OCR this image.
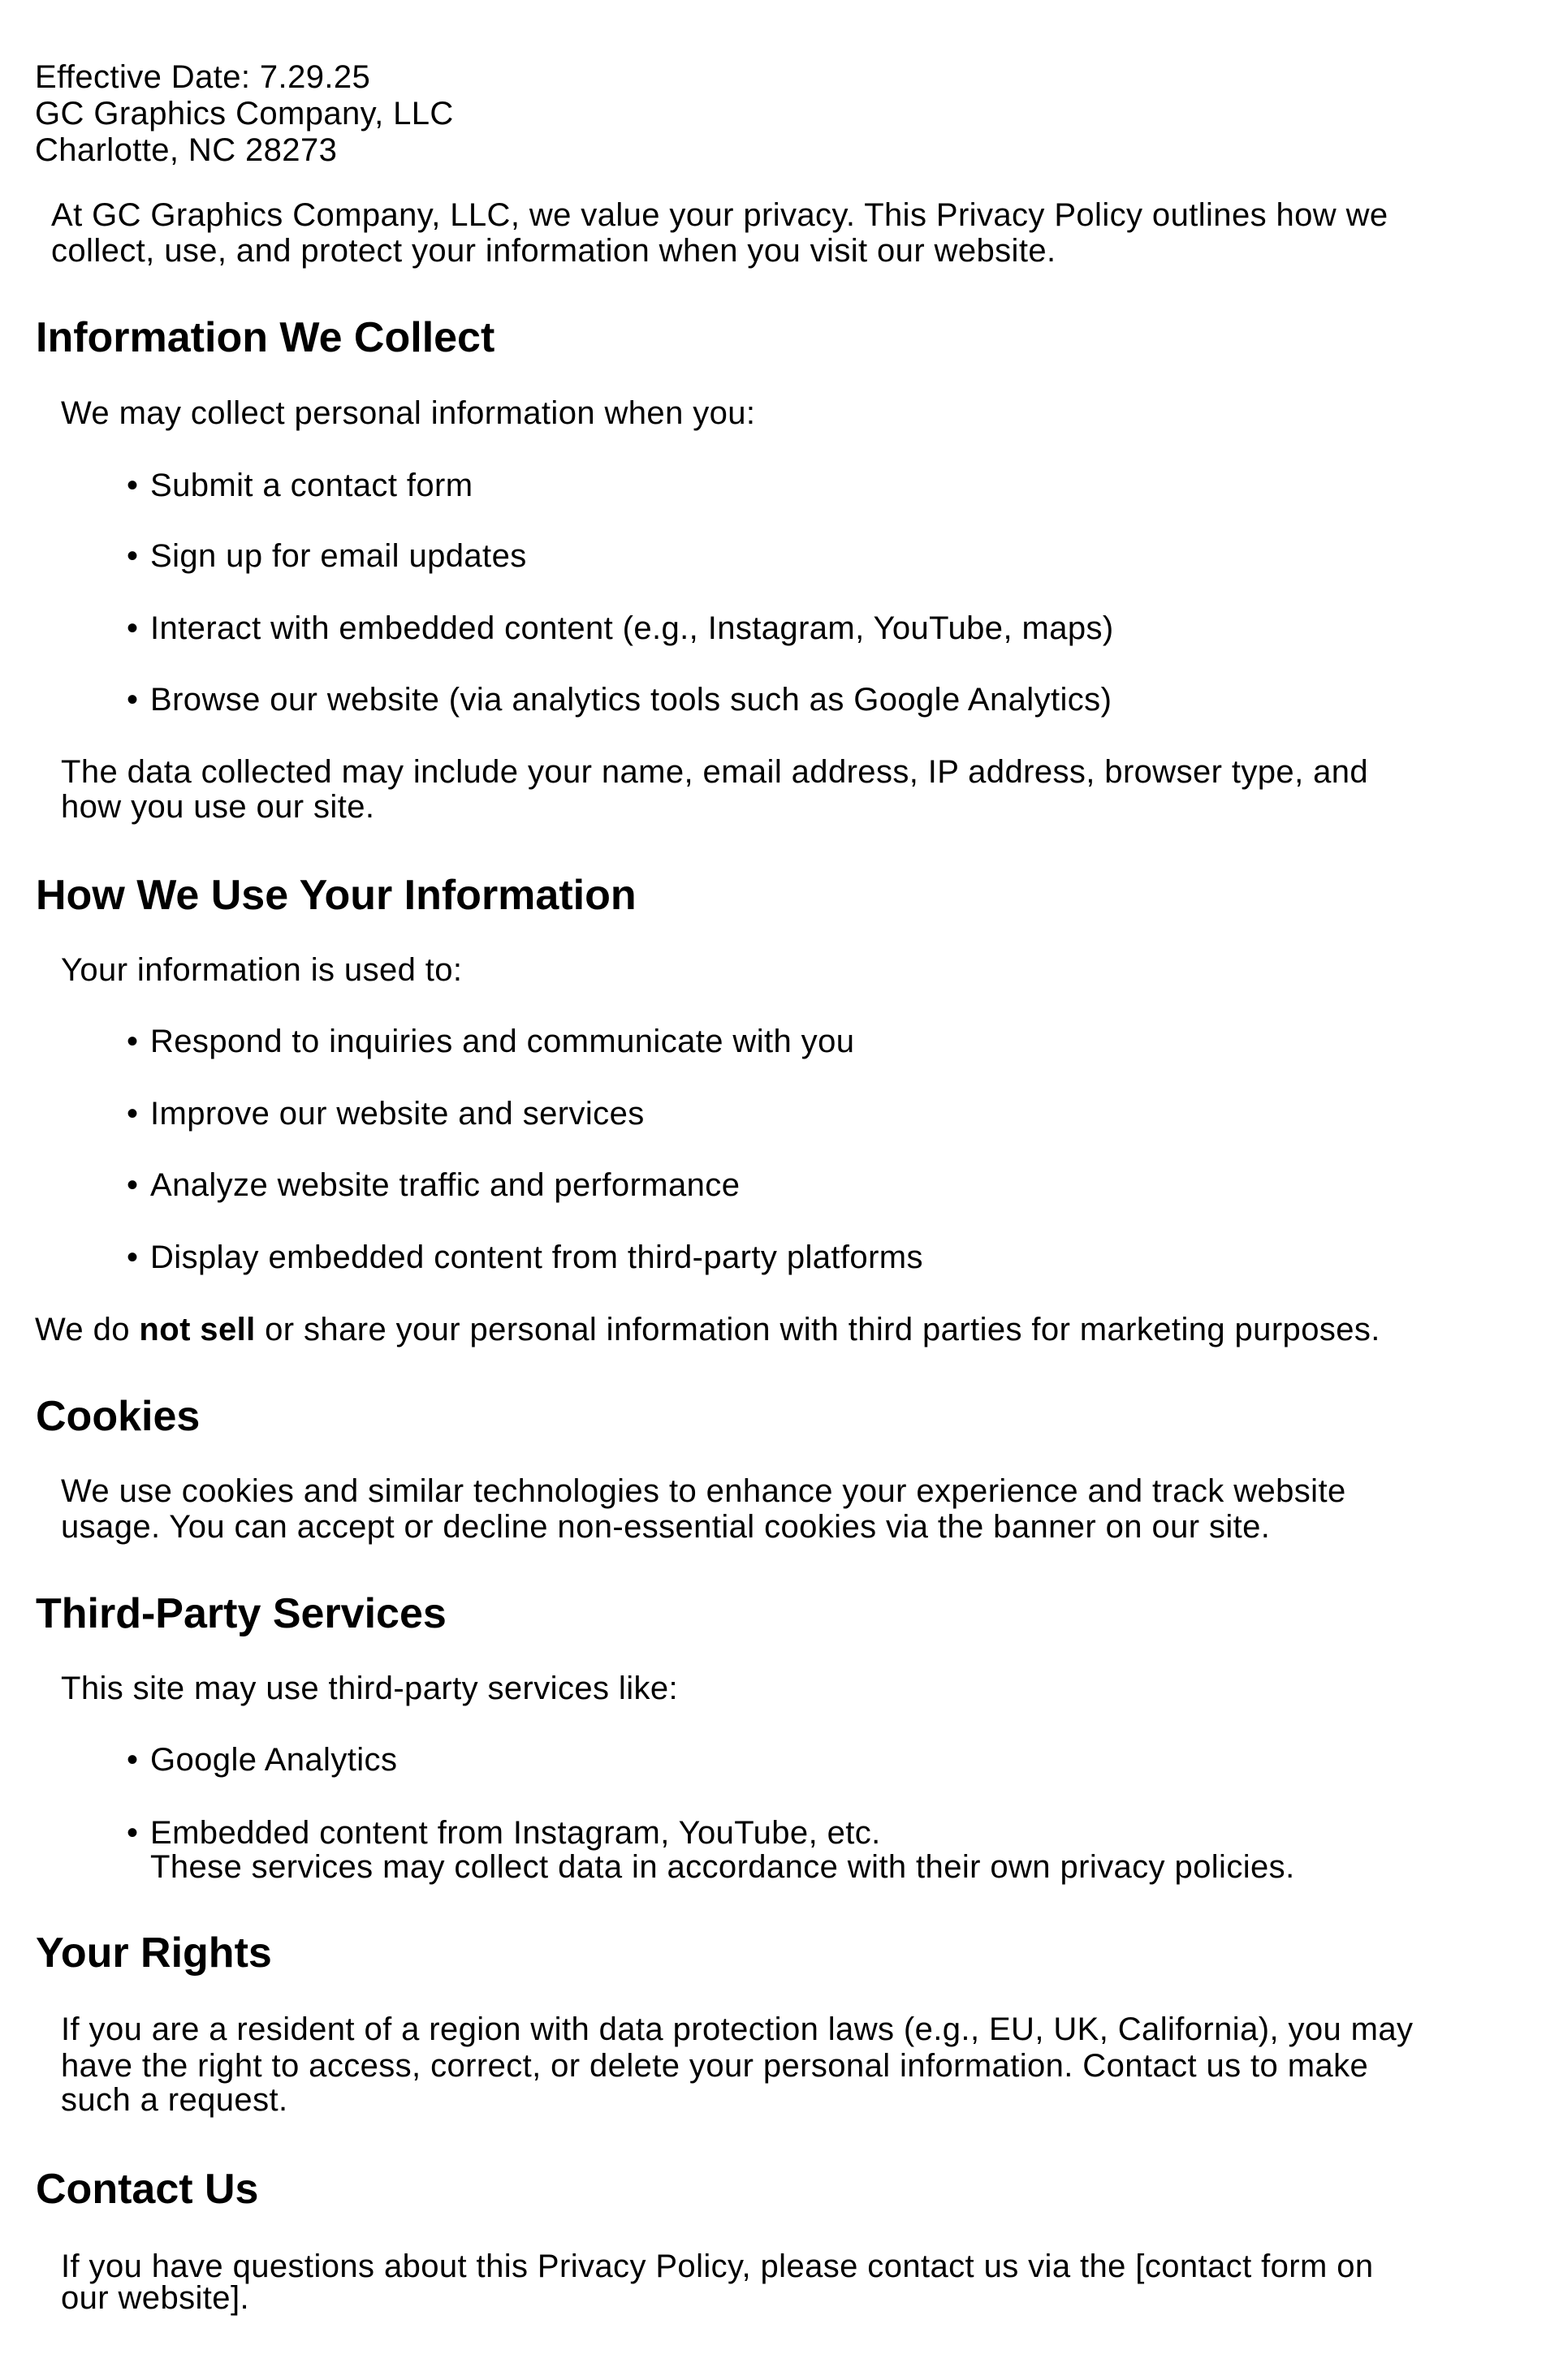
Effective Date: 7.29.25
GC Graphics Company, LLC
Charlotte, NC 28273
At GC Graphics Company, LLC, we value your privacy. This Privacy Policy outlines how we
collect, use, and protect your information when you visit our website.
Information We Collect
We may collect personal information when you:
• Submit a contact form
• Sign up for email updates
• Interact with embedded content (e.g., Instagram, YouTube, maps)
• Browse our website (via analytics tools such as Google Analytics)
The data collected may include your name, email address, IP address, browser type, and
how you use our site.
How We Use Your Information
Your information is used to:
• Respond to inquiries and communicate with you
• Improve our website and services
• Analyze website traffic and performance
• Display embedded content from third-party platforms
We do not sell or share your personal information with third parties for marketing purposes.
Cookies
We use cookies and similar technologies to enhance your experience and track website
usage. You can accept or decline non-essential cookies via the banner on our site.
Third-Party Services
This site may use third-party services like:
• Google Analytics
• Embedded content from Instagram, YouTube, etc.
These services may collect data in accordance with their own privacy policies.
Your Rights
If you are a resident of a region with data protection laws (e.g., EU, UK, California), you may
have the right to access, correct, or delete your personal information. Contact us to make
such a request.
Contact Us
If you have questions about this Privacy Policy, please contact us via the [contact form on
our website].
